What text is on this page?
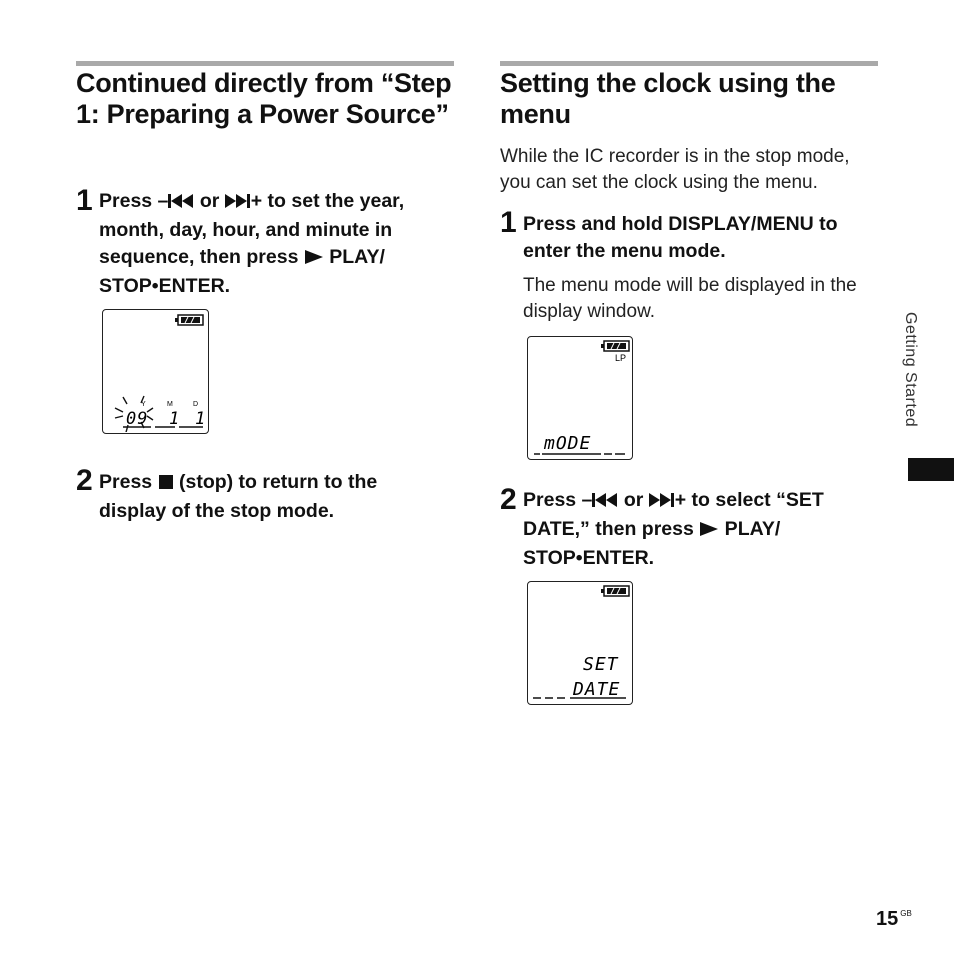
Continued directly from “Step 1: Preparing a Power Source”
1 Press – or + to set the year, month, day, hour, and minute in sequence, then press  PLAY/ STOP•ENTER.
Y	M	D
09 1 1
2 Press  (stop) to return to the display of the stop mode.
Setting the clock using the menu
While the IC recorder is in the stop mode, you can set the clock using the menu.
1 Press and hold DISPLAY/MENU to enter the menu mode.
The menu mode will be displayed in the display window.
LP
mODE
2 Press – or + to select “SET DATE,” then press  PLAY/ STOP•ENTER.
SET
DATE
Getting Started
15 $^{GB}$
